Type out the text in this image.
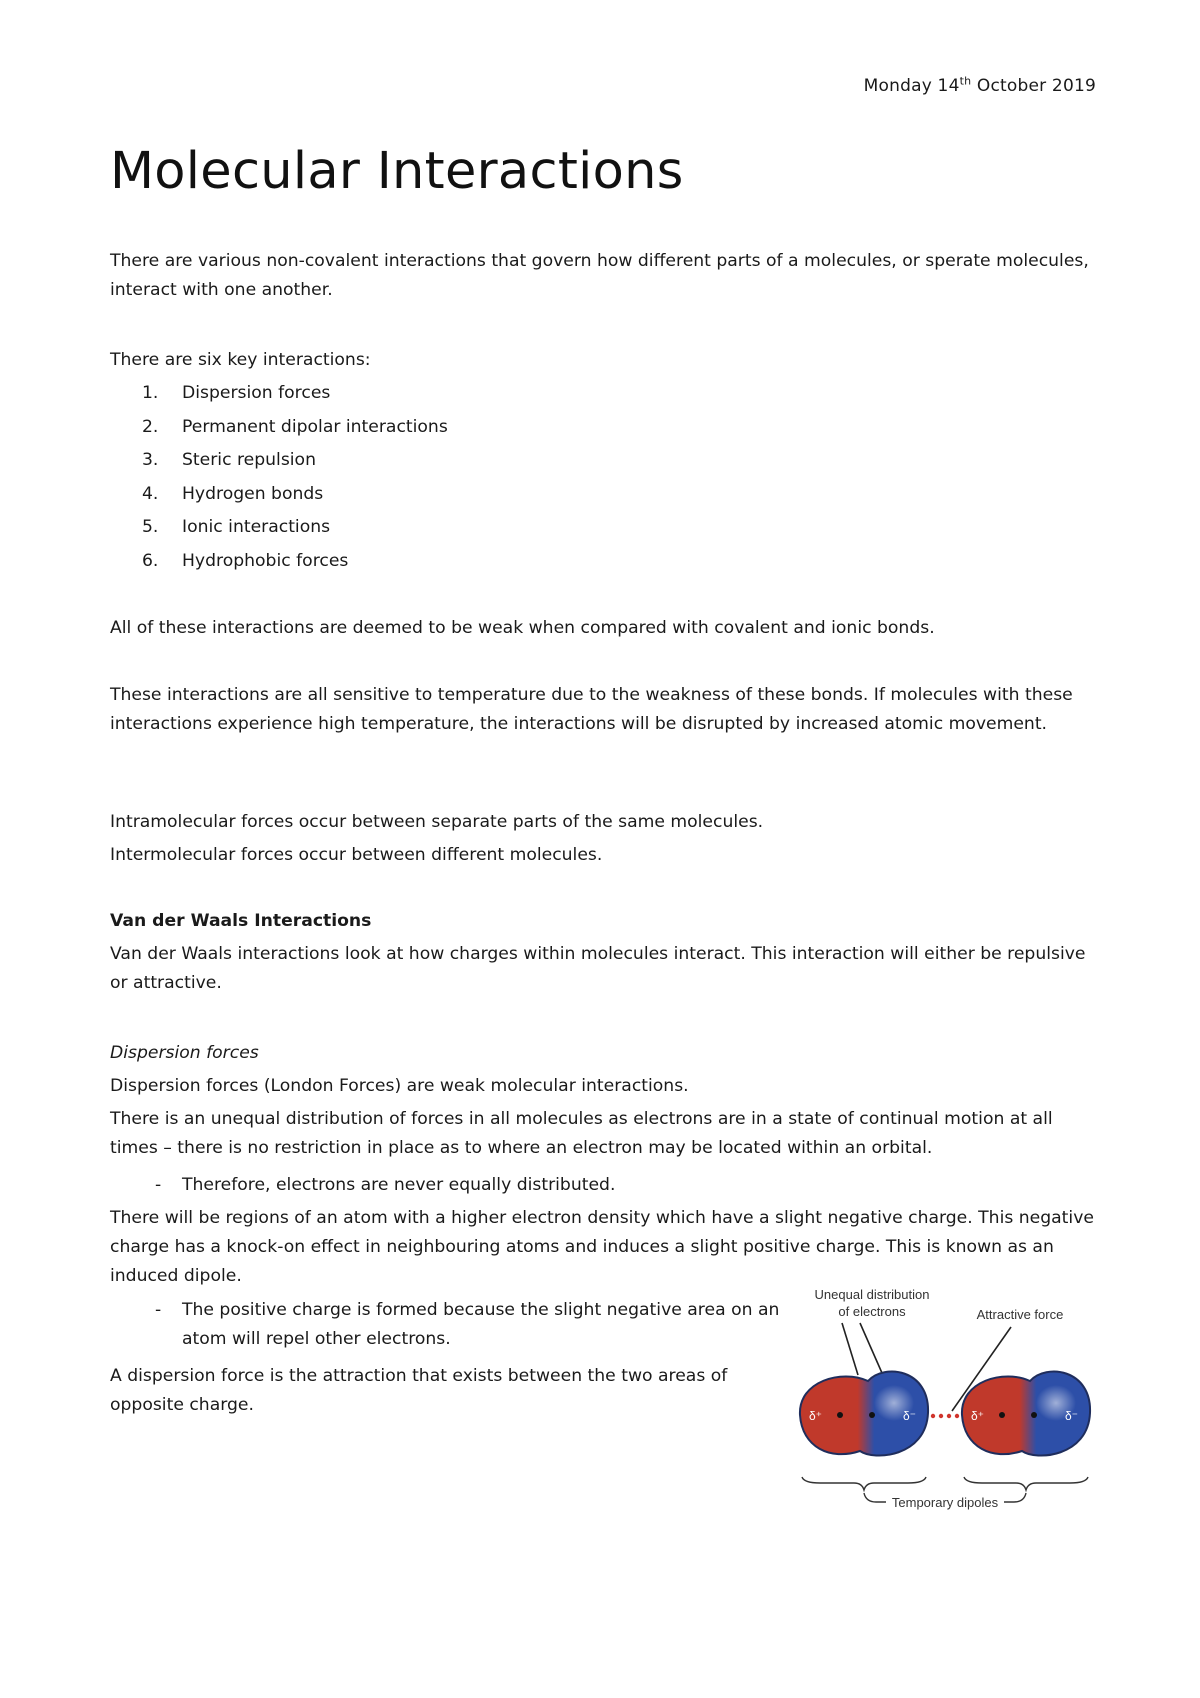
Monday 14th October 2019
Molecular Interactions

There are various non-covalent interactions that govern how different parts of a molecules, or sperate molecules, interact with one another.

There are six key interactions:

1. Dispersion forces
2. Permanent dipolar interactions
3. Steric repulsion
4. Hydrogen bonds
5. Ionic interactions
6. Hydrophobic forces

All of these interactions are deemed to be weak when compared with covalent and ionic bonds.

These interactions are all sensitive to temperature due to the weakness of these bonds. If molecules with these interactions experience high temperature, the interactions will be disrupted by increased atomic movement.

Intramolecular forces occur between separate parts of the same molecules.

Intermolecular forces occur between different molecules.

Van der Waals Interactions

Van der Waals interactions look at how charges within molecules interact. This interaction will either be repulsive or attractive.

Dispersion forces

Dispersion forces (London Forces) are weak molecular interactions.

There is an unequal distribution of forces in all molecules as electrons are in a state of continual motion at all times – there is no restriction in place as to where an electron may be located within an orbital.

- Therefore, electrons are never equally distributed.

There will be regions of an atom with a higher electron density which have a slight negative charge. This negative charge has a knock-on effect in neighbouring atoms and induces a slight positive charge. This is known as an induced dipole.

- The positive charge is formed because the slight negative area on an atom will repel other electrons.

A dispersion force is the attraction that exists between the two areas of opposite charge.

Unequal distribution
of electrons	Attractive force
δ⁺	δ⁻	δ⁺	δ⁻
Temporary dipoles
